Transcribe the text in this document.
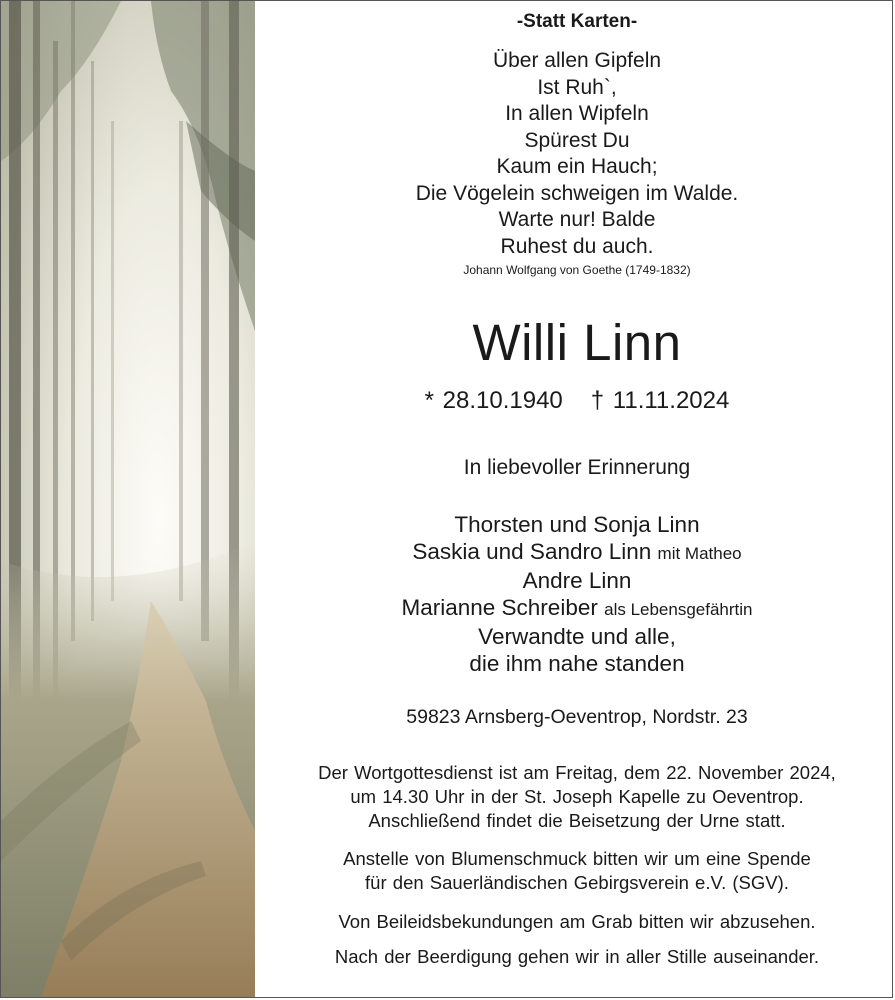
-Statt Karten-
Über allen Gipfeln
Ist Ruh`,
In allen Wipfeln
Spürest Du
Kaum ein Hauch;
Die Vögelein schweigen im Walde.
Warte nur! Balde
Ruhest du auch.
Johann Wolfgang von Goethe (1749-1832)
Willi Linn
* 28.10.1940 † 11.11.2024
In liebevoller Erinnerung
Thorsten und Sonja Linn
Saskia und Sandro Linn mit Matheo
Andre Linn
Marianne Schreiber als Lebensgefährtin
Verwandte und alle,
die ihm nahe standen
59823 Arnsberg-Oeventrop, Nordstr. 23
Der Wortgottesdienst ist am Freitag, dem 22. November 2024,
um 14.30 Uhr in der St. Joseph Kapelle zu Oeventrop.
Anschließend findet die Beisetzung der Urne statt.
Anstelle von Blumenschmuck bitten wir um eine Spende
für den Sauerländischen Gebirgsverein e.V. (SGV).
Von Beileidsbekundungen am Grab bitten wir abzusehen.
Nach der Beerdigung gehen wir in aller Stille auseinander.
